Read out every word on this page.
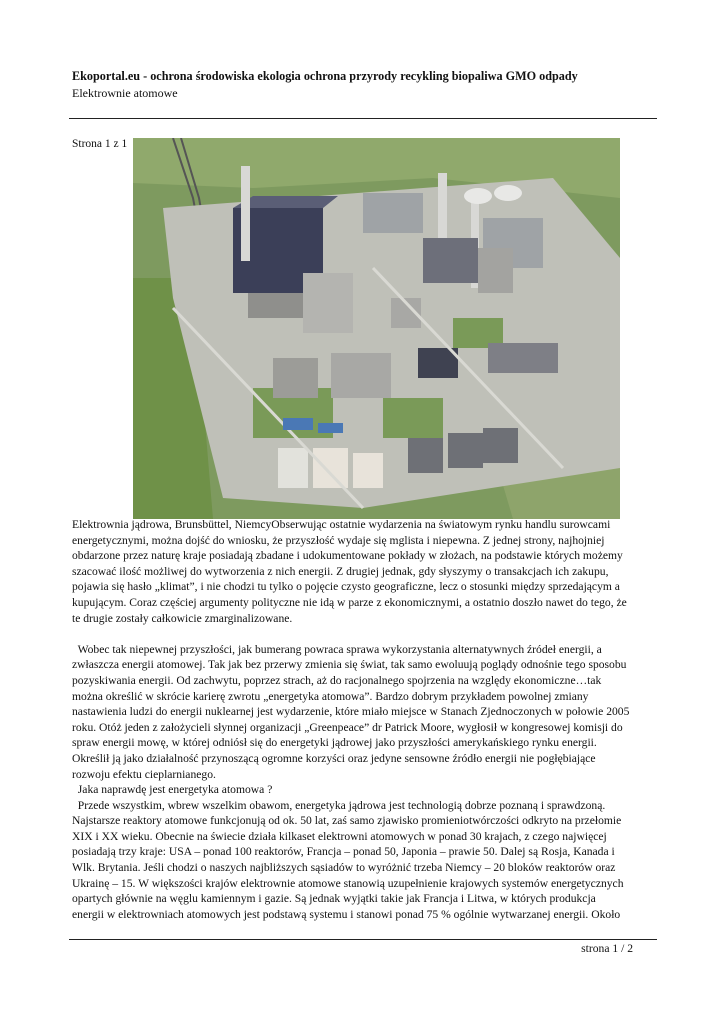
Ekoportal.eu - ochrona środowiska ekologia ochrona przyrody recykling biopaliwa GMO odpady
Elektrownie atomowe
Strona 1 z 1

Elektrownia jądrowa, Brunsbüttel, NiemcyObserwując ostatnie wydarzenia na światowym rynku handlu surowcami

energetycznymi, można dojść do wniosku, że przyszłość wydaje się mglista i niepewna. Z jednej strony, najhojniej

obdarzone przez naturę kraje posiadają zbadane i udokumentowane pokłady w złożach, na podstawie których możemy

szacować ilość możliwej do wytworzenia z nich energii. Z drugiej jednak, gdy słyszymy o transakcjach ich zakupu,

pojawia się hasło „klimat”, i nie chodzi tu tylko o pojęcie czysto geograficzne, lecz o stosunki między sprzedającym a

kupującym. Coraz częściej argumenty polityczne nie idą w parze z ekonomicznymi, a ostatnio doszło nawet do tego, że

te drugie zostały całkowicie zmarginalizowane.

Wobec tak niepewnej przyszłości, jak bumerang powraca sprawa wykorzystania alternatywnych źródeł energii, a

zwłaszcza energii atomowej. Tak jak bez przerwy zmienia się świat, tak samo ewoluują poglądy odnośnie tego sposobu

pozyskiwania energii. Od zachwytu, poprzez strach, aż do racjonalnego spojrzenia na względy ekonomiczne…tak

można określić w skrócie karierę zwrotu „energetyka atomowa”. Bardzo dobrym przykładem powolnej zmiany

nastawienia ludzi do energii nuklearnej jest wydarzenie, które miało miejsce w Stanach Zjednoczonych w połowie 2005

roku. Otóż jeden z założycieli słynnej organizacji „Greenpeace” dr Patrick Moore, wygłosił w kongresowej komisji do

spraw energii mowę, w której odniósł się do energetyki jądrowej jako przyszłości amerykańskiego rynku energii.

Określił ją jako działalność przynoszącą ogromne korzyści oraz jedyne sensowne źródło energii nie pogłębiające

rozwoju efektu cieplarnianego.

Jaka naprawdę jest energetyka atomowa ?

Przede wszystkim, wbrew wszelkim obawom, energetyka jądrowa jest technologią dobrze poznaną i sprawdzoną.

Najstarsze reaktory atomowe funkcjonują od ok. 50 lat, zaś samo zjawisko promieniotwórczości odkryto na przełomie

XIX i XX wieku. Obecnie na świecie działa kilkaset elektrowni atomowych w ponad 30 krajach, z czego najwięcej

posiadają trzy kraje: USA – ponad 100 reaktorów, Francja – ponad 50, Japonia – prawie 50. Dalej są Rosja, Kanada i

Wlk. Brytania. Jeśli chodzi o naszych najbliższych sąsiadów to wyróżnić trzeba Niemcy – 20 bloków reaktorów oraz

Ukrainę – 15. W większości krajów elektrownie atomowe stanowią uzupełnienie krajowych systemów energetycznych

opartych głównie na węglu kamiennym i gazie. Są jednak wyjątki takie jak Francja i Litwa, w których produkcja

energii w elektrowniach atomowych jest podstawą systemu i stanowi ponad 75 % ogólnie wytwarzanej energii. Około

strona 1 / 2
